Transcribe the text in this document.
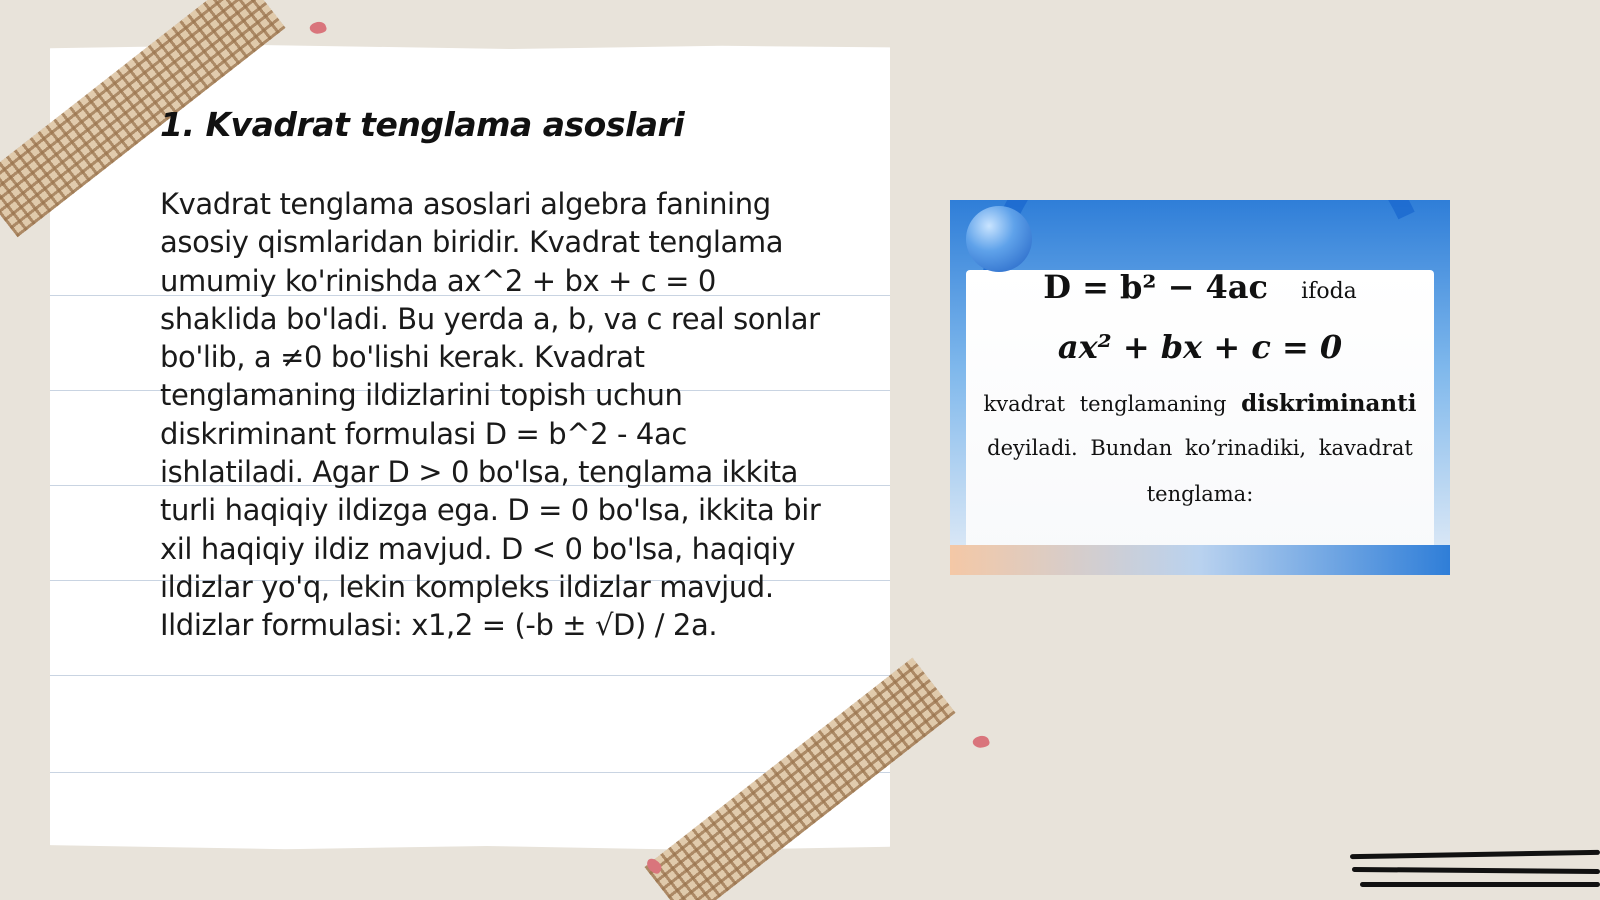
1. Kvadrat tenglama asoslari

Kvadrat tenglama asoslari algebra fanining asosiy qismlaridan biridir. Kvadrat tenglama umumiy ko'rinishda ax^2 + bx + c = 0 shaklida bo'ladi. Bu yerda a, b, va c real sonlar bo'lib, a ≠0 bo'lishi kerak. Kvadrat tenglamaning ildizlarini topish uchun diskriminant formulasi D = b^2 - 4ac ishlatiladi. Agar D > 0 bo'lsa, tenglama ikkita turli haqiqiy ildizga ega. D = 0 bo'lsa, ikkita bir xil haqiqiy ildiz mavjud. D < 0 bo'lsa, haqiqiy ildizlar yo'q, lekin kompleks ildizlar mavjud. Ildizlar formulasi: x1,2 = (-b ± √D) / 2a.

D = b² − 4ac ifoda
ax² + bx + c = 0
kvadrat tenglamaning diskriminanti
deyiladi. Bundan ko’rinadiki, kavadrat
tenglama:
